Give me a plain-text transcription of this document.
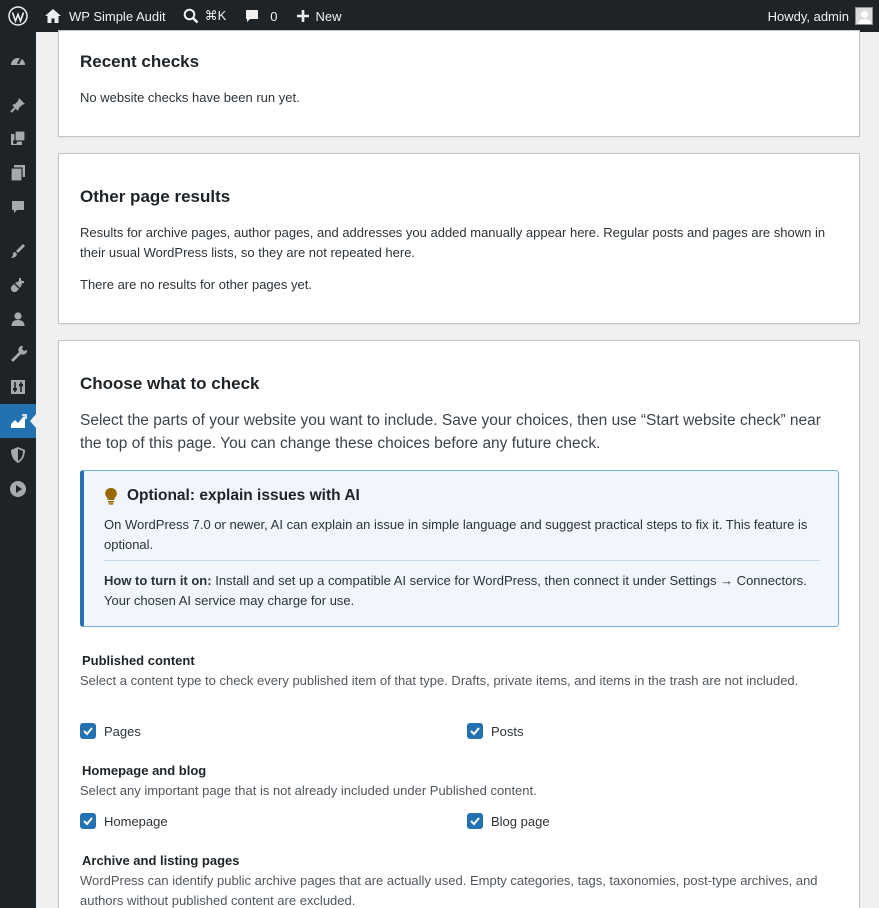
WP Simple Audit	⌘K	0	New	Howdy, admin
Recent checks

No website checks have been run yet.

Other page results

Results for archive pages, author pages, and addresses you added manually appear here. Regular posts and pages are shown in their usual WordPress lists, so they are not repeated here.

There are no results for other pages yet.

Choose what to check

Select the parts of your website you want to include. Save your choices, then use “Start website check” near the top of this page. You can change these choices before any future check.

Optional: explain issues with AI
On WordPress 7.0 or newer, AI can explain an issue in simple language and suggest practical steps to fix it. This feature is optional.
How to turn it on: Install and set up a compatible AI service for WordPress, then connect it under Settings → Connectors. Your chosen AI service may charge for use.
Published content
Select a content type to check every published item of that type. Drafts, private items, and items in the trash are not included.
Pages	Posts
Homepage and blog
Select any important page that is not already included under Published content.
Homepage	Blog page
Archive and listing pages
WordPress can identify public archive pages that are actually used. Empty categories, tags, taxonomies, post-type archives, and authors without published content are excluded.
